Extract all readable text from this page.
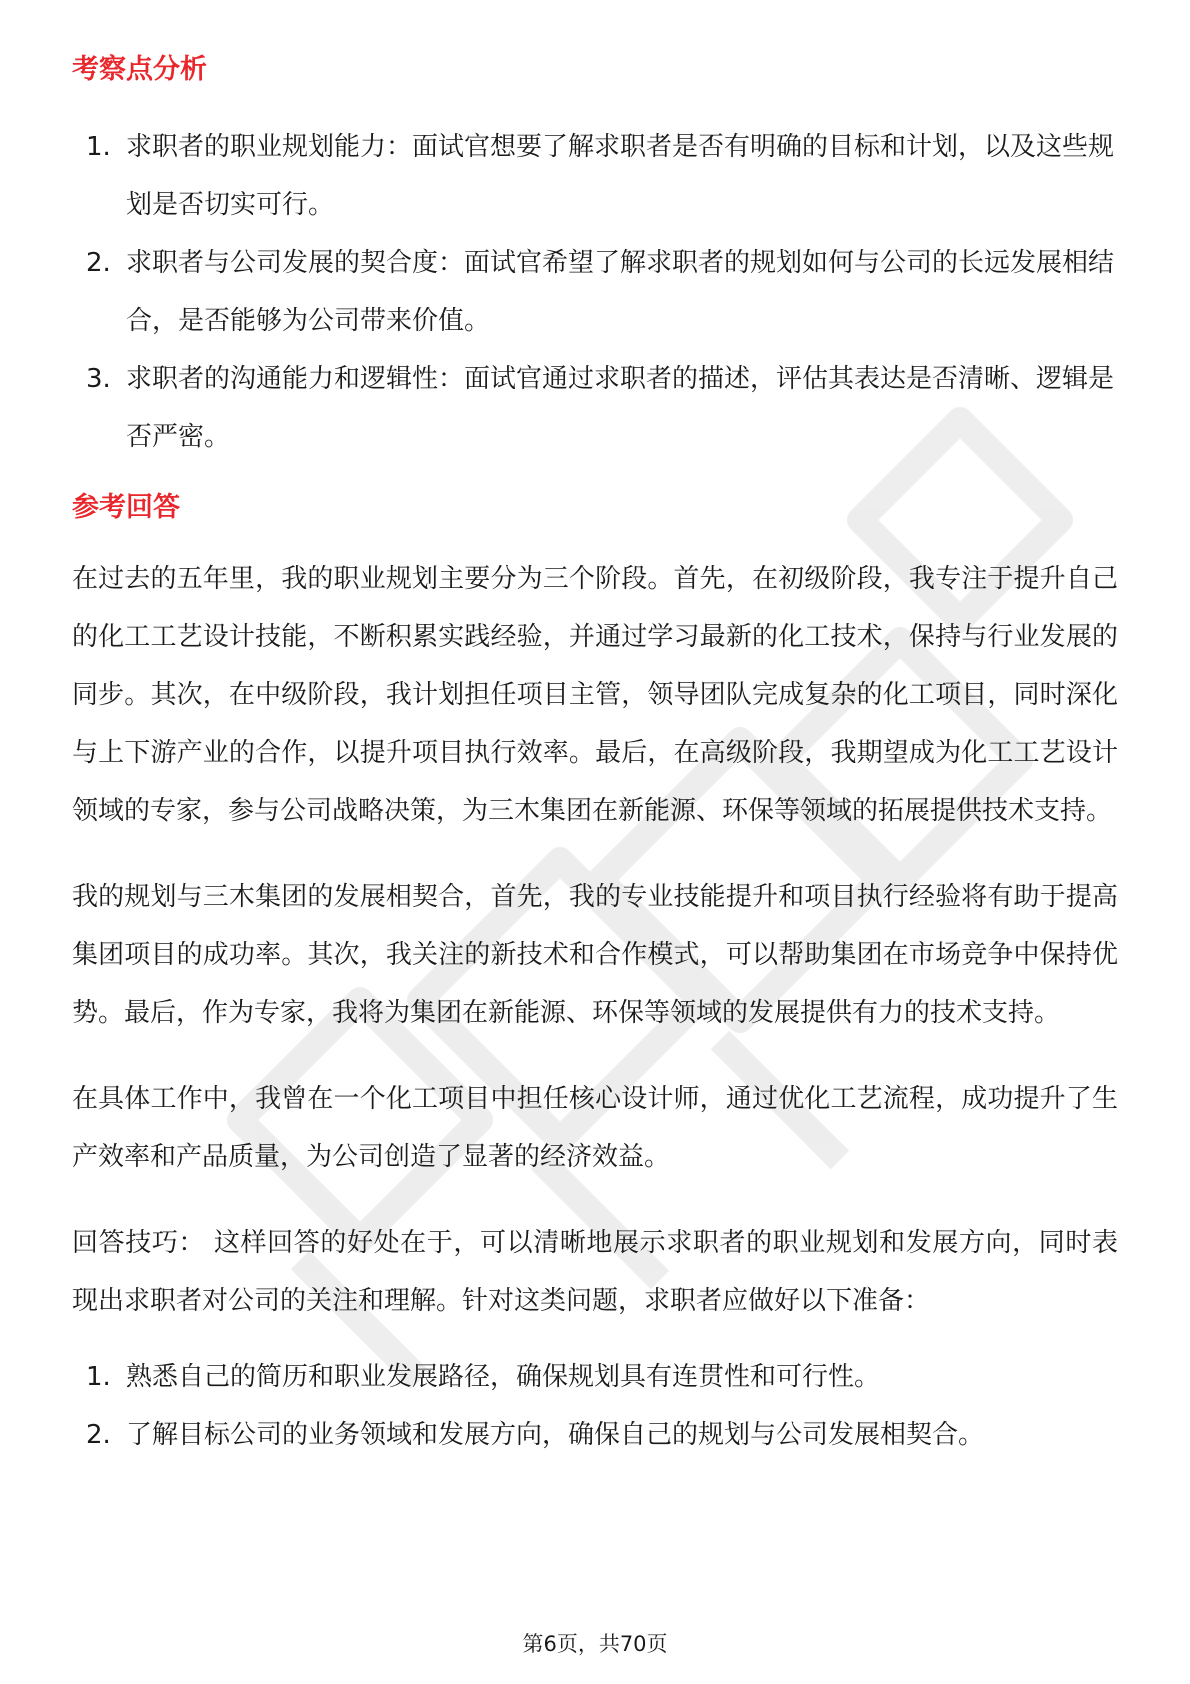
考察点分析
1. 求职者的职业规划能力：面试官想要了解求职者是否有明确的目标和计划，以及这些规划是否切实可行。
2. 求职者与公司发展的契合度：面试官希望了解求职者的规划如何与公司的长远发展相结合，是否能够为公司带来价值。
3. 求职者的沟通能力和逻辑性：面试官通过求职者的描述，评估其表达是否清晰、逻辑是否严密。
参考回答

在过去的五年里，我的职业规划主要分为三个阶段。首先，在初级阶段，我专注于提升自己的化工工艺设计技能，不断积累实践经验，并通过学习最新的化工技术，保持与行业发展的同步。其次，在中级阶段，我计划担任项目主管，领导团队完成复杂的化工项目，同时深化与上下游产业的合作，以提升项目执行效率。最后，在高级阶段，我期望成为化工工艺设计领域的专家，参与公司战略决策，为三木集团在新能源、环保等领域的拓展提供技术支持。

我的规划与三木集团的发展相契合，首先，我的专业技能提升和项目执行经验将有助于提高集团项目的成功率。其次，我关注的新技术和合作模式，可以帮助集团在市场竞争中保持优势。最后，作为专家，我将为集团在新能源、环保等领域的发展提供有力的技术支持。

在具体工作中，我曾在一个化工项目中担任核心设计师，通过优化工艺流程，成功提升了生产效率和产品质量，为公司创造了显著的经济效益。

回答技巧： 这样回答的好处在于，可以清晰地展示求职者的职业规划和发展方向，同时表现出求职者对公司的关注和理解。针对这类问题，求职者应做好以下准备：

1. 熟悉自己的简历和职业发展路径，确保规划具有连贯性和可行性。
2. 了解目标公司的业务领域和发展方向，确保自己的规划与公司发展相契合。
第6页，共70页
